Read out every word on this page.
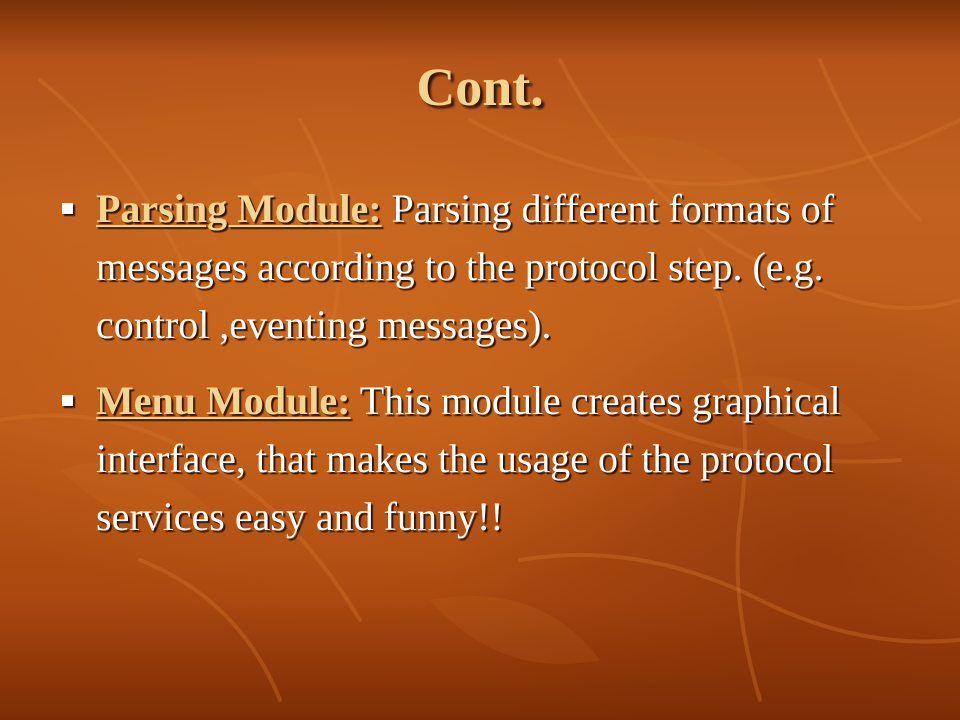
Cont.
Parsing Module: Parsing different formats of messages according to the protocol step. (e.g. control ,eventing messages).
Menu Module: This module creates graphical interface, that makes the usage of the protocol services easy and funny!!
